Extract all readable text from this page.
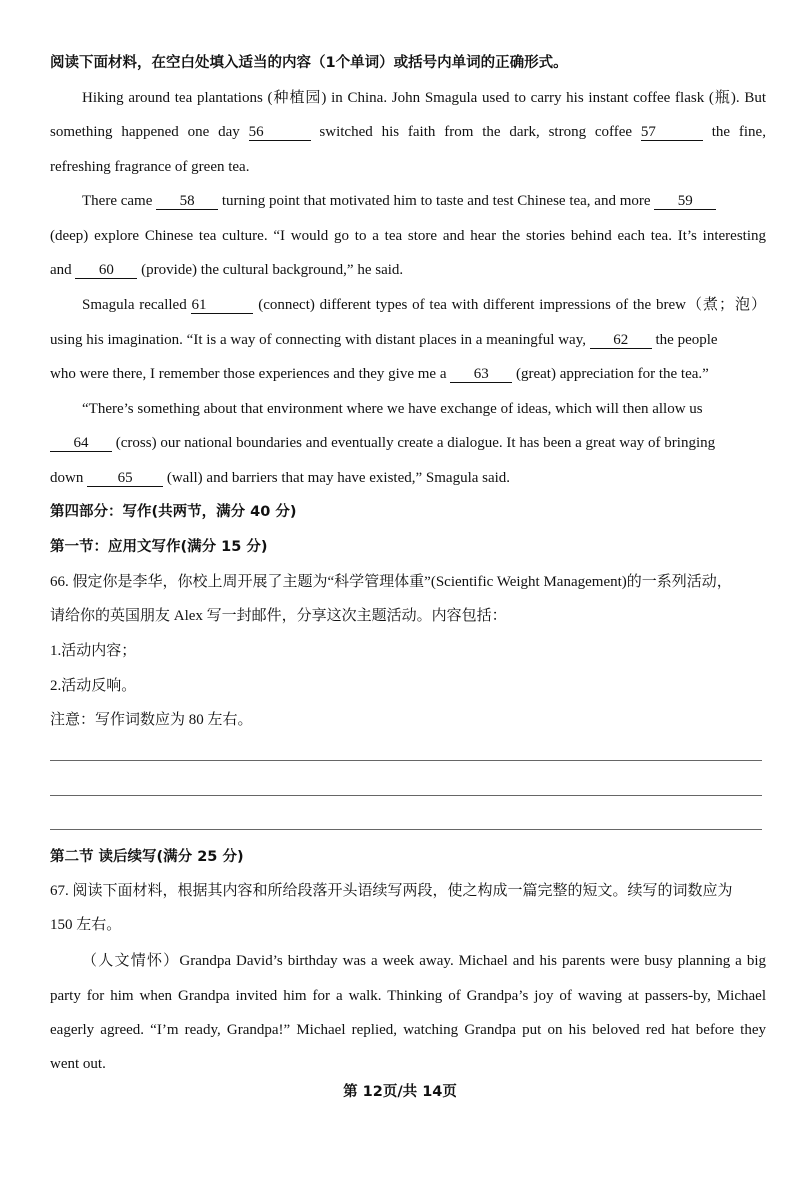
阅读下面材料，在空白处填入适当的内容（1个单词）或括号内单词的正确形式。
Hiking around tea plantations (种植园) in China. John Smagula used to carry his instant coffee flask (瓶). But
something happened one day 56	switched his faith from the dark, strong coffee 57	the fine,
refreshing fragrance of green tea.
There came 58 turning point that motivated him to taste and test Chinese tea, and more 59
(deep) explore Chinese tea culture. “I would go to a tea store and hear the stories behind each tea. It’s interesting
and 60 (provide) the cultural background,” he said.
Smagula recalled 61	(connect) different types of tea with different impressions of the brew（煮；泡）
using his imagination. “It is a way of connecting with distant places in a meaningful way, 62 the people
who were there, I remember those experiences and they give me a 63 (great) appreciation for the tea.”
“There’s something about that environment where we have exchange of ideas, which will then allow us
64 (cross) our national boundaries and eventually create a dialogue. It has been a great way of bringing
down 65 (wall) and barriers that may have existed,” Smagula said.
第四部分：写作(共两节，满分 40 分)
第一节：应用文写作(满分 15 分)
66. 假定你是李华，你校上周开展了主题为“科学管理体重”(Scientific Weight Management)的一系列活动，
请给你的英国朋友 Alex 写一封邮件，分享这次主题活动。内容包括：
1.活动内容；
2.活动反响。
注意：写作词数应为 80 左右。
第二节 读后续写(满分 25 分)
67. 阅读下面材料，根据其内容和所给段落开头语续写两段，使之构成一篇完整的短文。续写的词数应为
150 左右。
（人文情怀）Grandpa David’s birthday was a week away. Michael and his parents were busy planning a big
party for him when Grandpa invited him for a walk. Thinking of Grandpa’s joy of waving at passers-by, Michael
eagerly agreed. “I’m ready, Grandpa!” Michael replied, watching Grandpa put on his beloved red hat before they
went out.
第 12页/共 14页
